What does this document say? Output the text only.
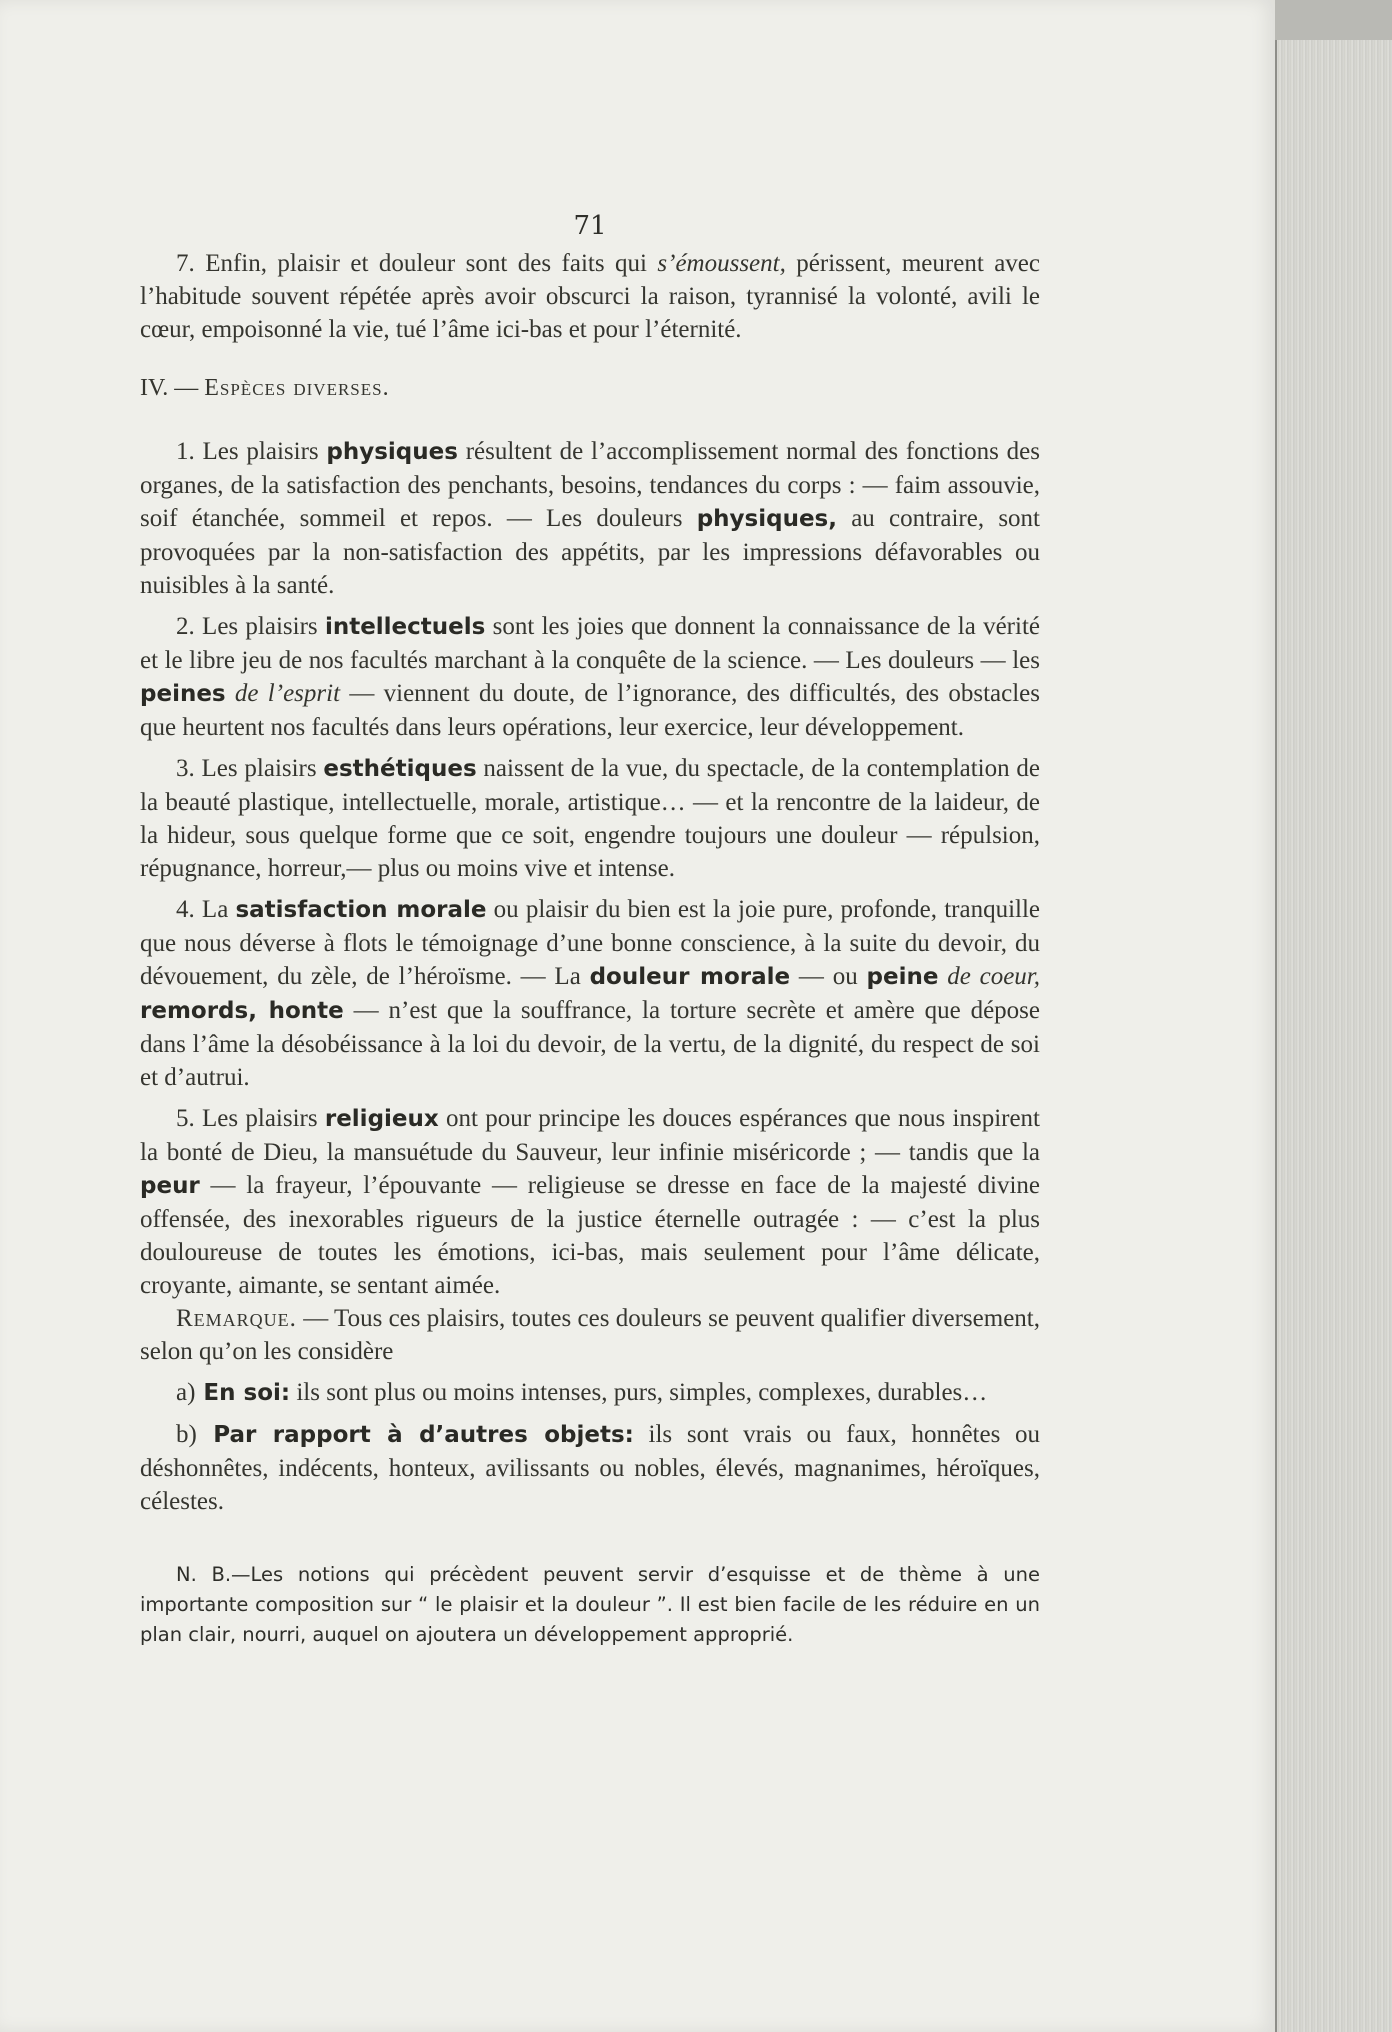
71

7. Enfin, plaisir et douleur sont des faits qui s’émoussent, périssent, meurent avec l’habitude souvent répétée après avoir obscurci la raison, tyrannisé la volonté, avili le cœur, empoisonné la vie, tué l’âme ici-bas et pour l’éternité.

IV. — Espèces diverses.

1. Les plaisirs physiques résultent de l’accomplissement normal des fonctions des organes, de la satisfaction des penchants, besoins, tendances du corps : — faim assouvie, soif étanchée, sommeil et repos. — Les douleurs physiques, au contraire, sont provoquées par la non-satisfaction des appétits, par les impressions défavorables ou nuisibles à la santé.

2. Les plaisirs intellectuels sont les joies que donnent la connaissance de la vérité et le libre jeu de nos facultés marchant à la conquête de la science. — Les douleurs — les peines de l’esprit — viennent du doute, de l’ignorance, des difficultés, des obstacles que heurtent nos facultés dans leurs opérations, leur exercice, leur développement.

3. Les plaisirs esthétiques naissent de la vue, du spectacle, de la contemplation de la beauté plastique, intellectuelle, morale, artistique… — et la rencontre de la laideur, de la hideur, sous quelque forme que ce soit, engendre toujours une douleur — répulsion, répugnance, horreur,— plus ou moins vive et intense.

4. La satisfaction morale ou plaisir du bien est la joie pure, profonde, tranquille que nous déverse à flots le témoignage d’une bonne conscience, à la suite du devoir, du dévouement, du zèle, de l’héroïsme. — La douleur morale — ou peine de coeur, remords, honte — n’est que la souffrance, la torture secrète et amère que dépose dans l’âme la désobéissance à la loi du devoir, de la vertu, de la dignité, du respect de soi et d’autrui.

5. Les plaisirs religieux ont pour principe les douces espérances que nous inspirent la bonté de Dieu, la mansuétude du Sauveur, leur infinie miséricorde ; — tandis que la peur — la frayeur, l’épouvante — religieuse se dresse en face de la majesté divine offensée, des inexorables rigueurs de la justice éternelle outragée : — c’est la plus douloureuse de toutes les émotions, ici-bas, mais seulement pour l’âme délicate, croyante, aimante, se sentant aimée.

Remarque. — Tous ces plaisirs, toutes ces douleurs se peuvent qualifier diversement, selon qu’on les considère

a) En soi: ils sont plus ou moins intenses, purs, simples, complexes, durables…

b) Par rapport à d’autres objets: ils sont vrais ou faux, honnêtes ou déshonnêtes, indécents, honteux, avilissants ou nobles, élevés, magnanimes, héroïques, célestes.

N. B.—Les notions qui précèdent peuvent servir d’esquisse et de thème à une importante composition sur “ le plaisir et la douleur ”. Il est bien facile de les réduire en un plan clair, nourri, auquel on ajoutera un développement approprié.
